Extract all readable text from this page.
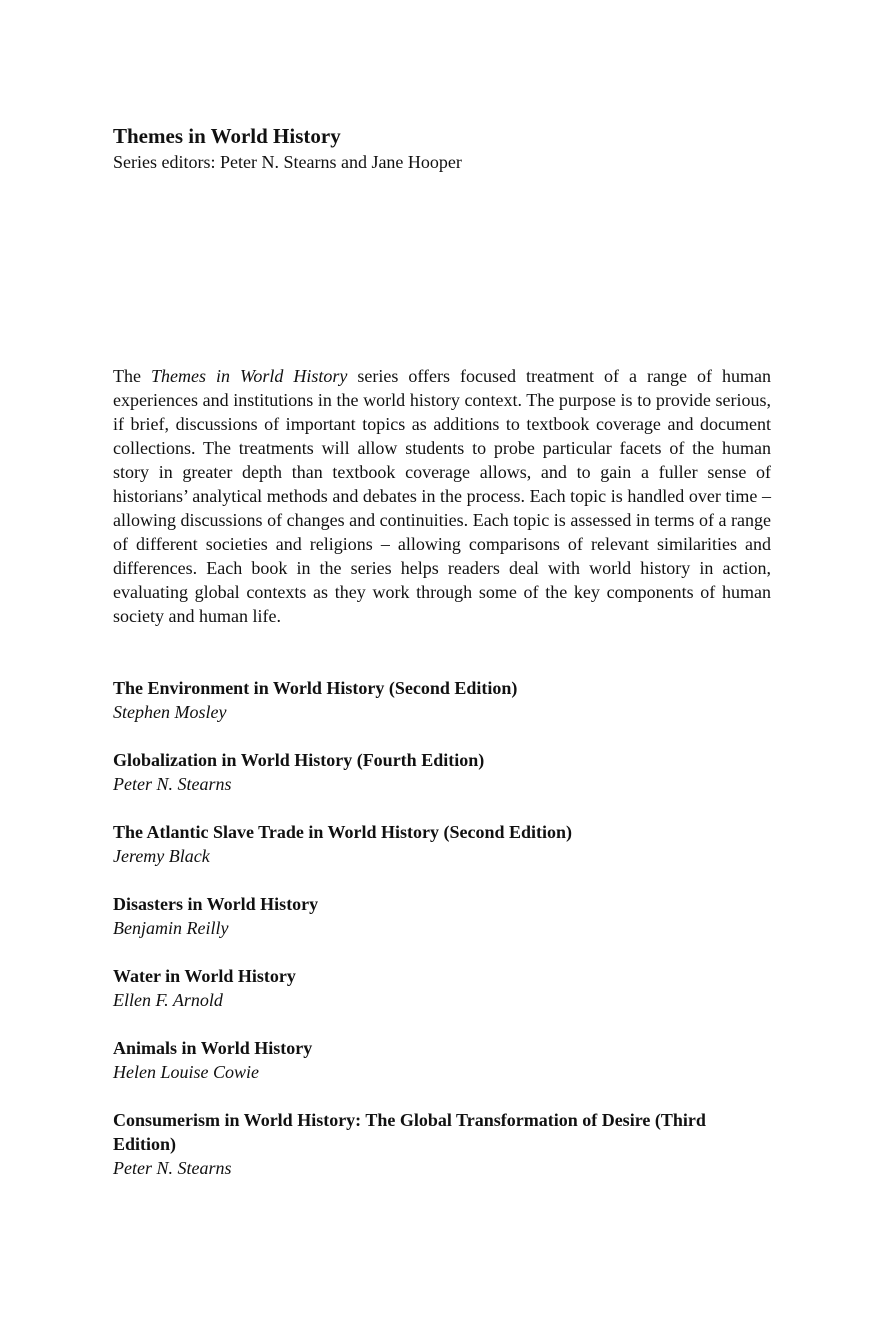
Themes in World History

Series editors: Peter N. Stearns and Jane Hooper

The Themes in World History series offers focused treatment of a range of human experiences and institutions in the world history context. The purpose is to provide serious, if brief, discussions of important topics as additions to textbook coverage and document collections. The treatments will allow students to probe particular facets of the human story in greater depth than textbook coverage allows, and to gain a fuller sense of historians’ analytical methods and debates in the process. Each topic is handled over time – allowing discussions of changes and continuities. Each topic is assessed in terms of a range of different societies and religions – allowing comparisons of relevant similarities and differences. Each book in the series helps readers deal with world history in action, evaluating global contexts as they work through some of the key components of human society and human life.

The Environment in World History (Second Edition)
Stephen Mosley
Globalization in World History (Fourth Edition)
Peter N. Stearns
The Atlantic Slave Trade in World History (Second Edition)
Jeremy Black
Disasters in World History
Benjamin Reilly
Water in World History
Ellen F. Arnold
Animals in World History
Helen Louise Cowie
Consumerism in World History: The Global Transformation of Desire (Third Edition)
Peter N. Stearns
